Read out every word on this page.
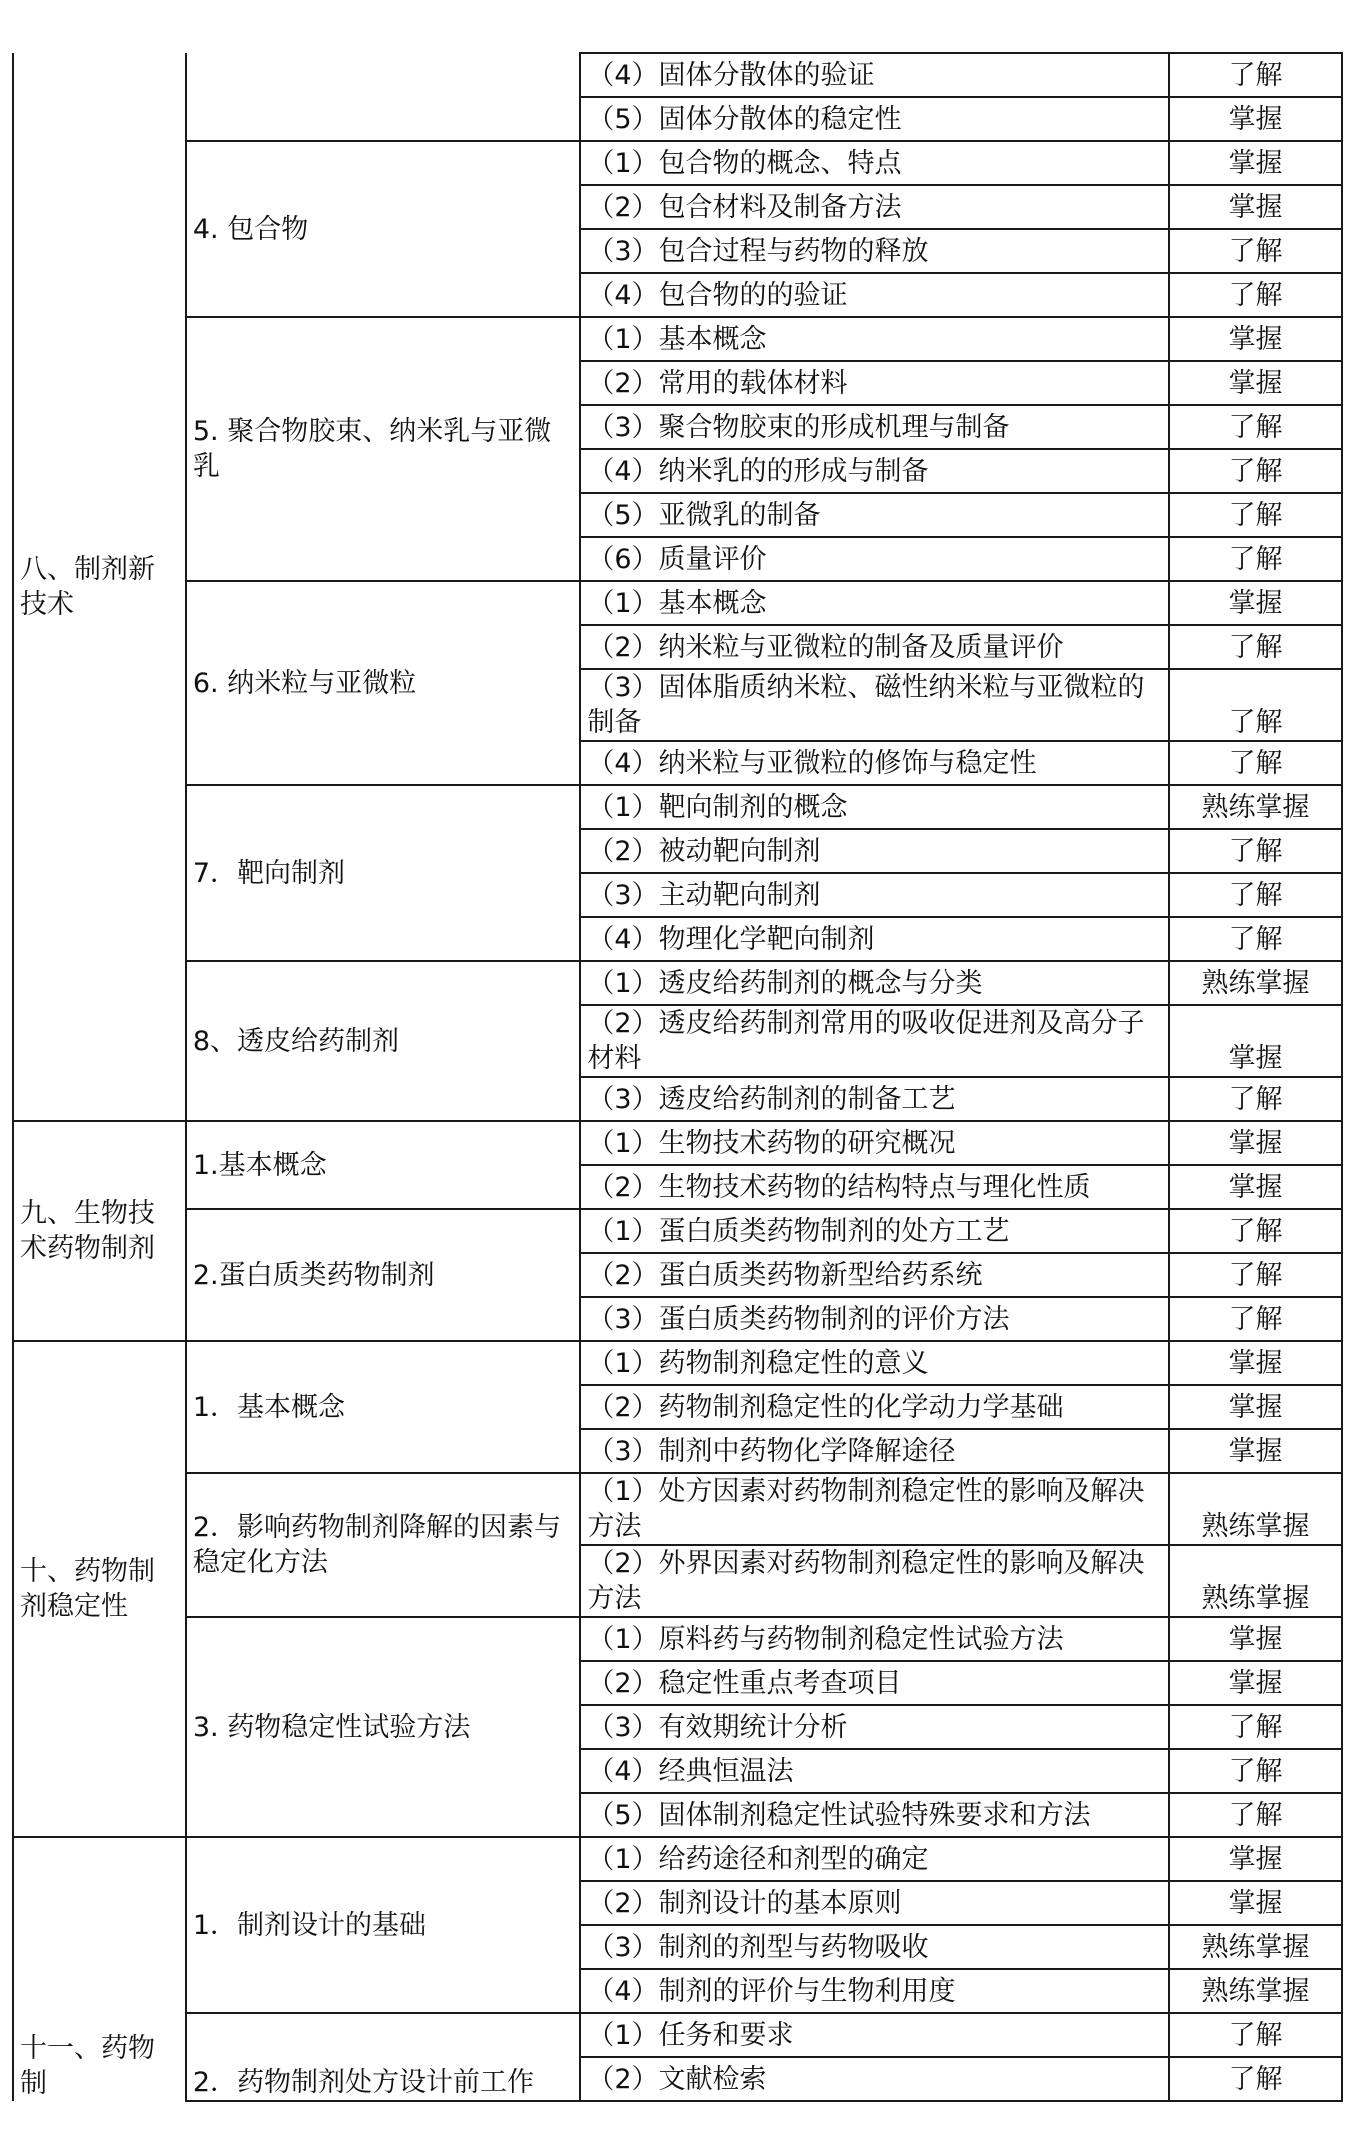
八、制剂新技术		（4）固体分散体的验证	了解
		（5）固体分散体的稳定性	掌握
	4. 包合物	（1）包合物的概念、特点	掌握
		（2）包合材料及制备方法	掌握
		（3）包合过程与药物的释放	了解
		（4）包合物的的验证	了解
	5. 聚合物胶束、纳米乳与亚微乳	（1）基本概念	掌握
		（2）常用的载体材料	掌握
		（3）聚合物胶束的形成机理与制备	了解
		（4）纳米乳的的形成与制备	了解
		（5）亚微乳的制备	了解
		（6）质量评价	了解
	6. 纳米粒与亚微粒	（1）基本概念	掌握
		（2）纳米粒与亚微粒的制备及质量评价	了解
		（3）固体脂质纳米粒、磁性纳米粒与亚微粒的制备	了解
		（4）纳米粒与亚微粒的修饰与稳定性	了解
	7．靶向制剂	（1）靶向制剂的概念	熟练掌握
		（2）被动靶向制剂	了解
		（3）主动靶向制剂	了解
		（4）物理化学靶向制剂	了解
	8、透皮给药制剂	（1）透皮给药制剂的概念与分类	熟练掌握
		（2）透皮给药制剂常用的吸收促进剂及高分子材料	掌握
		（3）透皮给药制剂的制备工艺	了解
九、生物技术药物制剂	1.基本概念	（1）生物技术药物的研究概况	掌握
		（2）生物技术药物的结构特点与理化性质	掌握
	2.蛋白质类药物制剂	（1）蛋白质类药物制剂的处方工艺	了解
		（2）蛋白质类药物新型给药系统	了解
		（3）蛋白质类药物制剂的评价方法	了解
十、药物制剂稳定性	1．基本概念	（1）药物制剂稳定性的意义	掌握
		（2）药物制剂稳定性的化学动力学基础	掌握
		（3）制剂中药物化学降解途径	掌握
	2．影响药物制剂降解的因素与稳定化方法	（1）处方因素对药物制剂稳定性的影响及解决方法	熟练掌握
		（2）外界因素对药物制剂稳定性的影响及解决方法	熟练掌握
	3. 药物稳定性试验方法	（1）原料药与药物制剂稳定性试验方法	掌握
		（2）稳定性重点考查项目	掌握
		（3）有效期统计分析	了解
		（4）经典恒温法	了解
		（5）固体制剂稳定性试验特殊要求和方法	了解
十一、药物制	1．制剂设计的基础	（1）给药途径和剂型的确定	掌握
		（2）制剂设计的基本原则	掌握
		（3）制剂的剂型与药物吸收	熟练掌握
		（4）制剂的评价与生物利用度	熟练掌握
	2．药物制剂处方设计前工作	（1）任务和要求	了解
		（2）文献检索	了解
